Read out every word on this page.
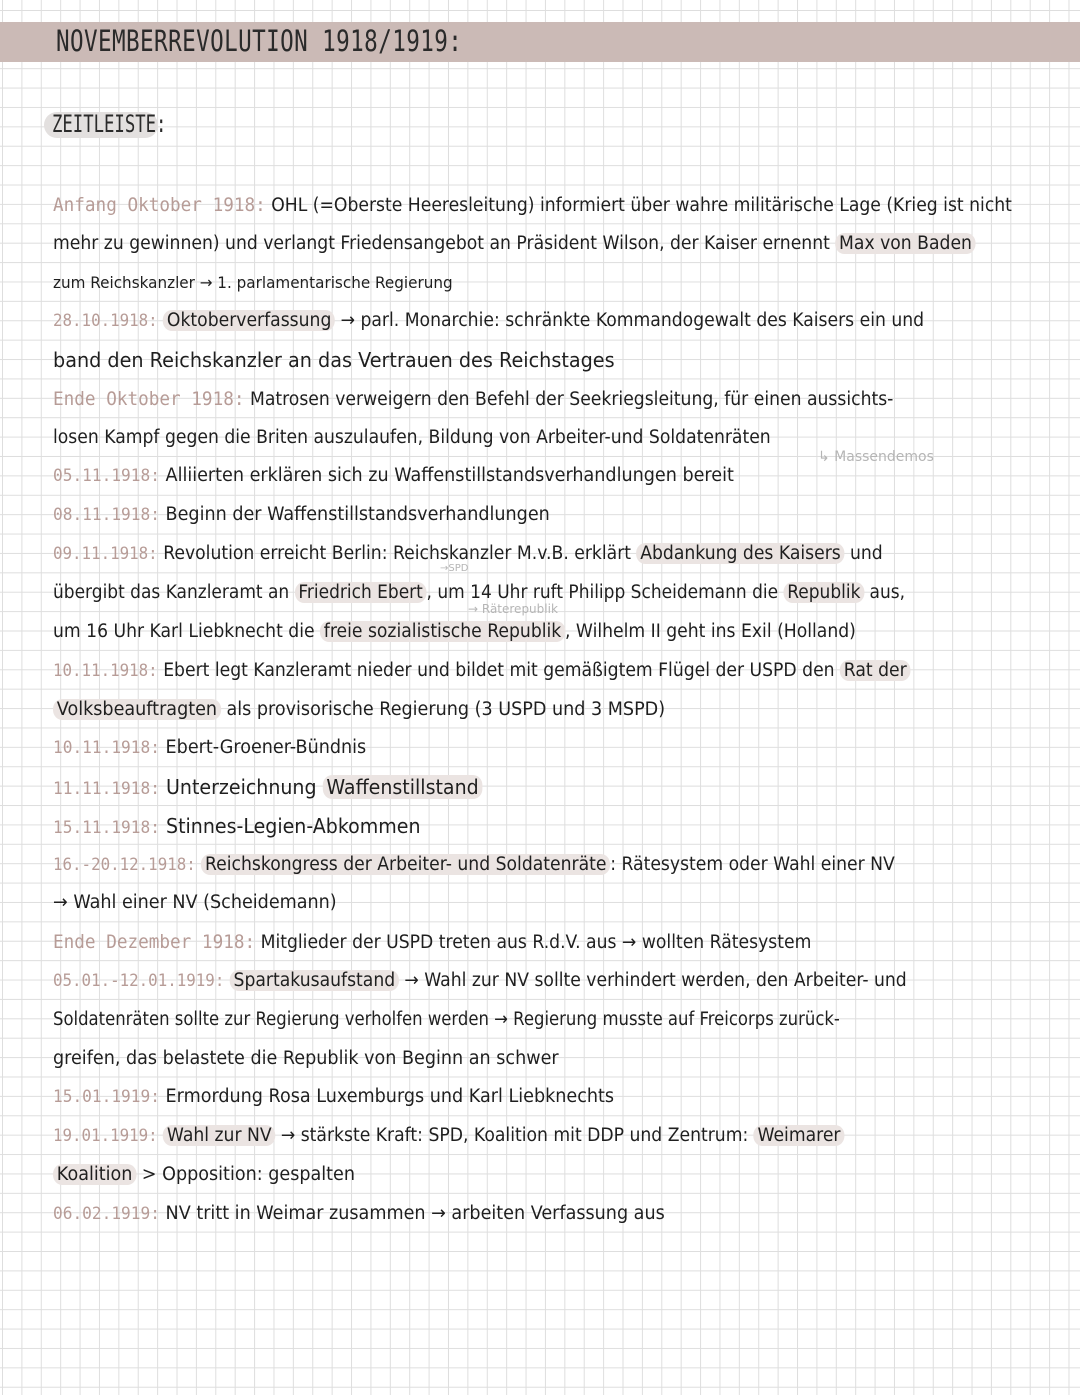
NOVEMBERREVOLUTION 1918/1919:
ZEITLEISTE:
Anfang Oktober 1918: OHL (=Oberste Heeresleitung) informiert über wahre militärische Lage (Krieg ist nicht
mehr zu gewinnen) und verlangt Friedensangebot an Präsident Wilson, der Kaiser ernennt Max von Baden
zum Reichskanzler → 1. parlamentarische Regierung
28.10.1918: Oktoberverfassung → parl. Monarchie: schränkte Kommandogewalt des Kaisers ein und
band den Reichskanzler an das Vertrauen des Reichstages
Ende Oktober 1918: Matrosen verweigern den Befehl der Seekriegsleitung, für einen aussichts-
losen Kampf gegen die Briten auszulaufen, Bildung von Arbeiter-und Soldatenräten
↳ Massendemos
05.11.1918: Alliierten erklären sich zu Waffenstillstandsverhandlungen bereit
08.11.1918: Beginn der Waffenstillstandsverhandlungen
09.11.1918: Revolution erreicht Berlin: Reichskanzler M.v.B. erklärt Abdankung des Kaisers und
→SPD
übergibt das Kanzleramt an Friedrich Ebert , um 14 Uhr ruft Philipp Scheidemann die Republik aus,
→ Räterepublik
um 16 Uhr Karl Liebknecht die freie sozialistische Republik , Wilhelm II geht ins Exil (Holland)
10.11.1918: Ebert legt Kanzleramt nieder und bildet mit gemäßigtem Flügel der USPD den Rat der
Volksbeauftragten als provisorische Regierung (3 USPD und 3 MSPD)
10.11.1918: Ebert-Groener-Bündnis
11.11.1918: Unterzeichnung Waffenstillstand
15.11.1918: Stinnes-Legien-Abkommen
16.-20.12.1918: Reichskongress der Arbeiter- und Soldatenräte : Rätesystem oder Wahl einer NV
→ Wahl einer NV (Scheidemann)
Ende Dezember 1918: Mitglieder der USPD treten aus R.d.V. aus → wollten Rätesystem
05.01.-12.01.1919: Spartakusaufstand → Wahl zur NV sollte verhindert werden, den Arbeiter- und
Soldatenräten sollte zur Regierung verholfen werden → Regierung musste auf Freicorps zurück-
greifen, das belastete die Republik von Beginn an schwer
15.01.1919: Ermordung Rosa Luxemburgs und Karl Liebknechts
19.01.1919: Wahl zur NV → stärkste Kraft: SPD, Koalition mit DDP und Zentrum: Weimarer
Koalition > Opposition: gespalten
06.02.1919: NV tritt in Weimar zusammen → arbeiten Verfassung aus
